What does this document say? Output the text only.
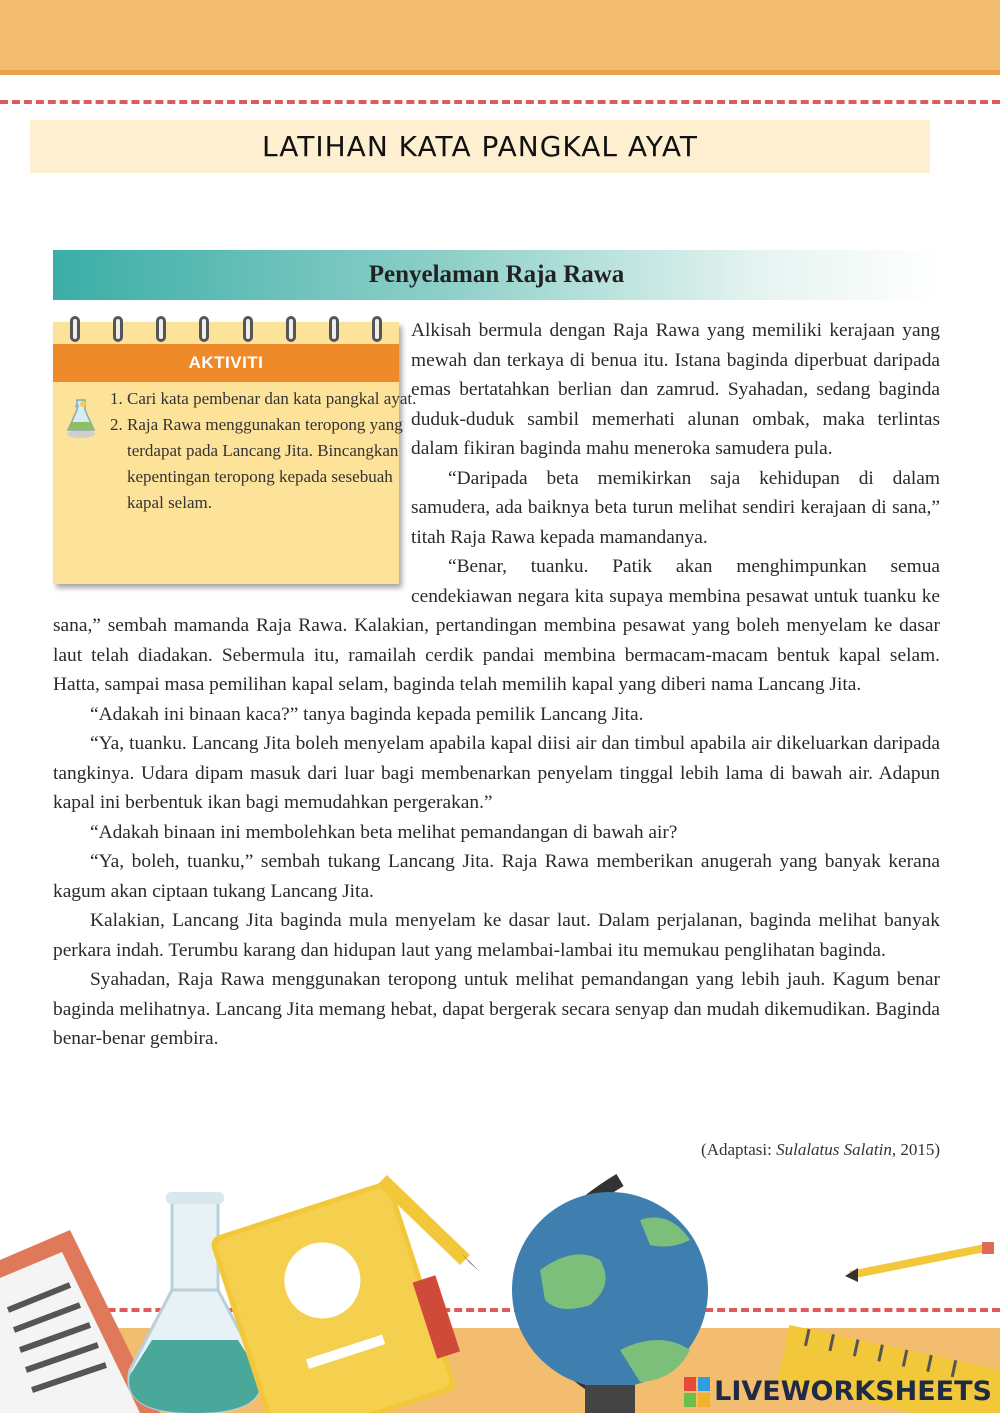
LATIHAN KATA PANGKAL AYAT
Penyelaman Raja Rawa

Alkisah bermula dengan Raja Rawa yang memiliki kerajaan yang mewah dan terkaya di benua itu. Istana baginda diperbuat daripada emas bertatahkan berlian dan zamrud. Syahadan, sedang baginda duduk-duduk sambil memerhati alunan ombak, maka terlintas dalam fikiran baginda mahu meneroka samudera pula.

“Daripada beta memikirkan saja kehidupan di dalam samudera, ada baiknya beta turun melihat sendiri kerajaan di sana,” titah Raja Rawa kepada mamandanya.

“Benar, tuanku. Patik akan menghimpunkan semua cendekiawan negara kita supaya membina pesawat untuk tuanku ke sana,” sembah mamanda Raja Rawa. Kalakian, pertandingan membina pesawat yang boleh menyelam ke dasar laut telah diadakan. Sebermula itu, ramailah cerdik pandai membina bermacam-macam bentuk kapal selam. Hatta, sampai masa pemilihan kapal selam, baginda telah memilih kapal yang diberi nama Lancang Jita.

“Adakah ini binaan kaca?” tanya baginda kepada pemilik Lancang Jita.

“Ya, tuanku. Lancang Jita boleh menyelam apabila kapal diisi air dan timbul apabila air dikeluarkan daripada tangkinya. Udara dipam masuk dari luar bagi membenarkan penyelam tinggal lebih lama di bawah air. Adapun kapal ini berbentuk ikan bagi memudahkan pergerakan.”

“Adakah binaan ini membolehkan beta melihat pemandangan di bawah air?

“Ya, boleh, tuanku,” sembah tukang Lancang Jita. Raja Rawa memberikan anugerah yang banyak kerana kagum akan ciptaan tukang Lancang Jita.

Kalakian, Lancang Jita baginda mula menyelam ke dasar laut. Dalam perjalanan, baginda melihat banyak perkara indah. Terumbu karang dan hidupan laut yang melambai-lambai itu memukau penglihatan baginda.

Syahadan, Raja Rawa menggunakan teropong untuk melihat pemandangan yang lebih jauh. Kagum benar baginda melihatnya. Lancang Jita memang hebat, dapat bergerak secara senyap dan mudah dikemudikan. Baginda benar-benar gembira.

AKTIVITI
1. Cari kata pembenar dan kata pangkal ayat.
2. Raja Rawa menggunakan teropong yang terdapat pada Lancang Jita. Bincangkan kepentingan teropong kepada sesebuah kapal selam.
(Adaptasi: Sulalatus Salatin, 2015)
LIVEWORKSHEETS
